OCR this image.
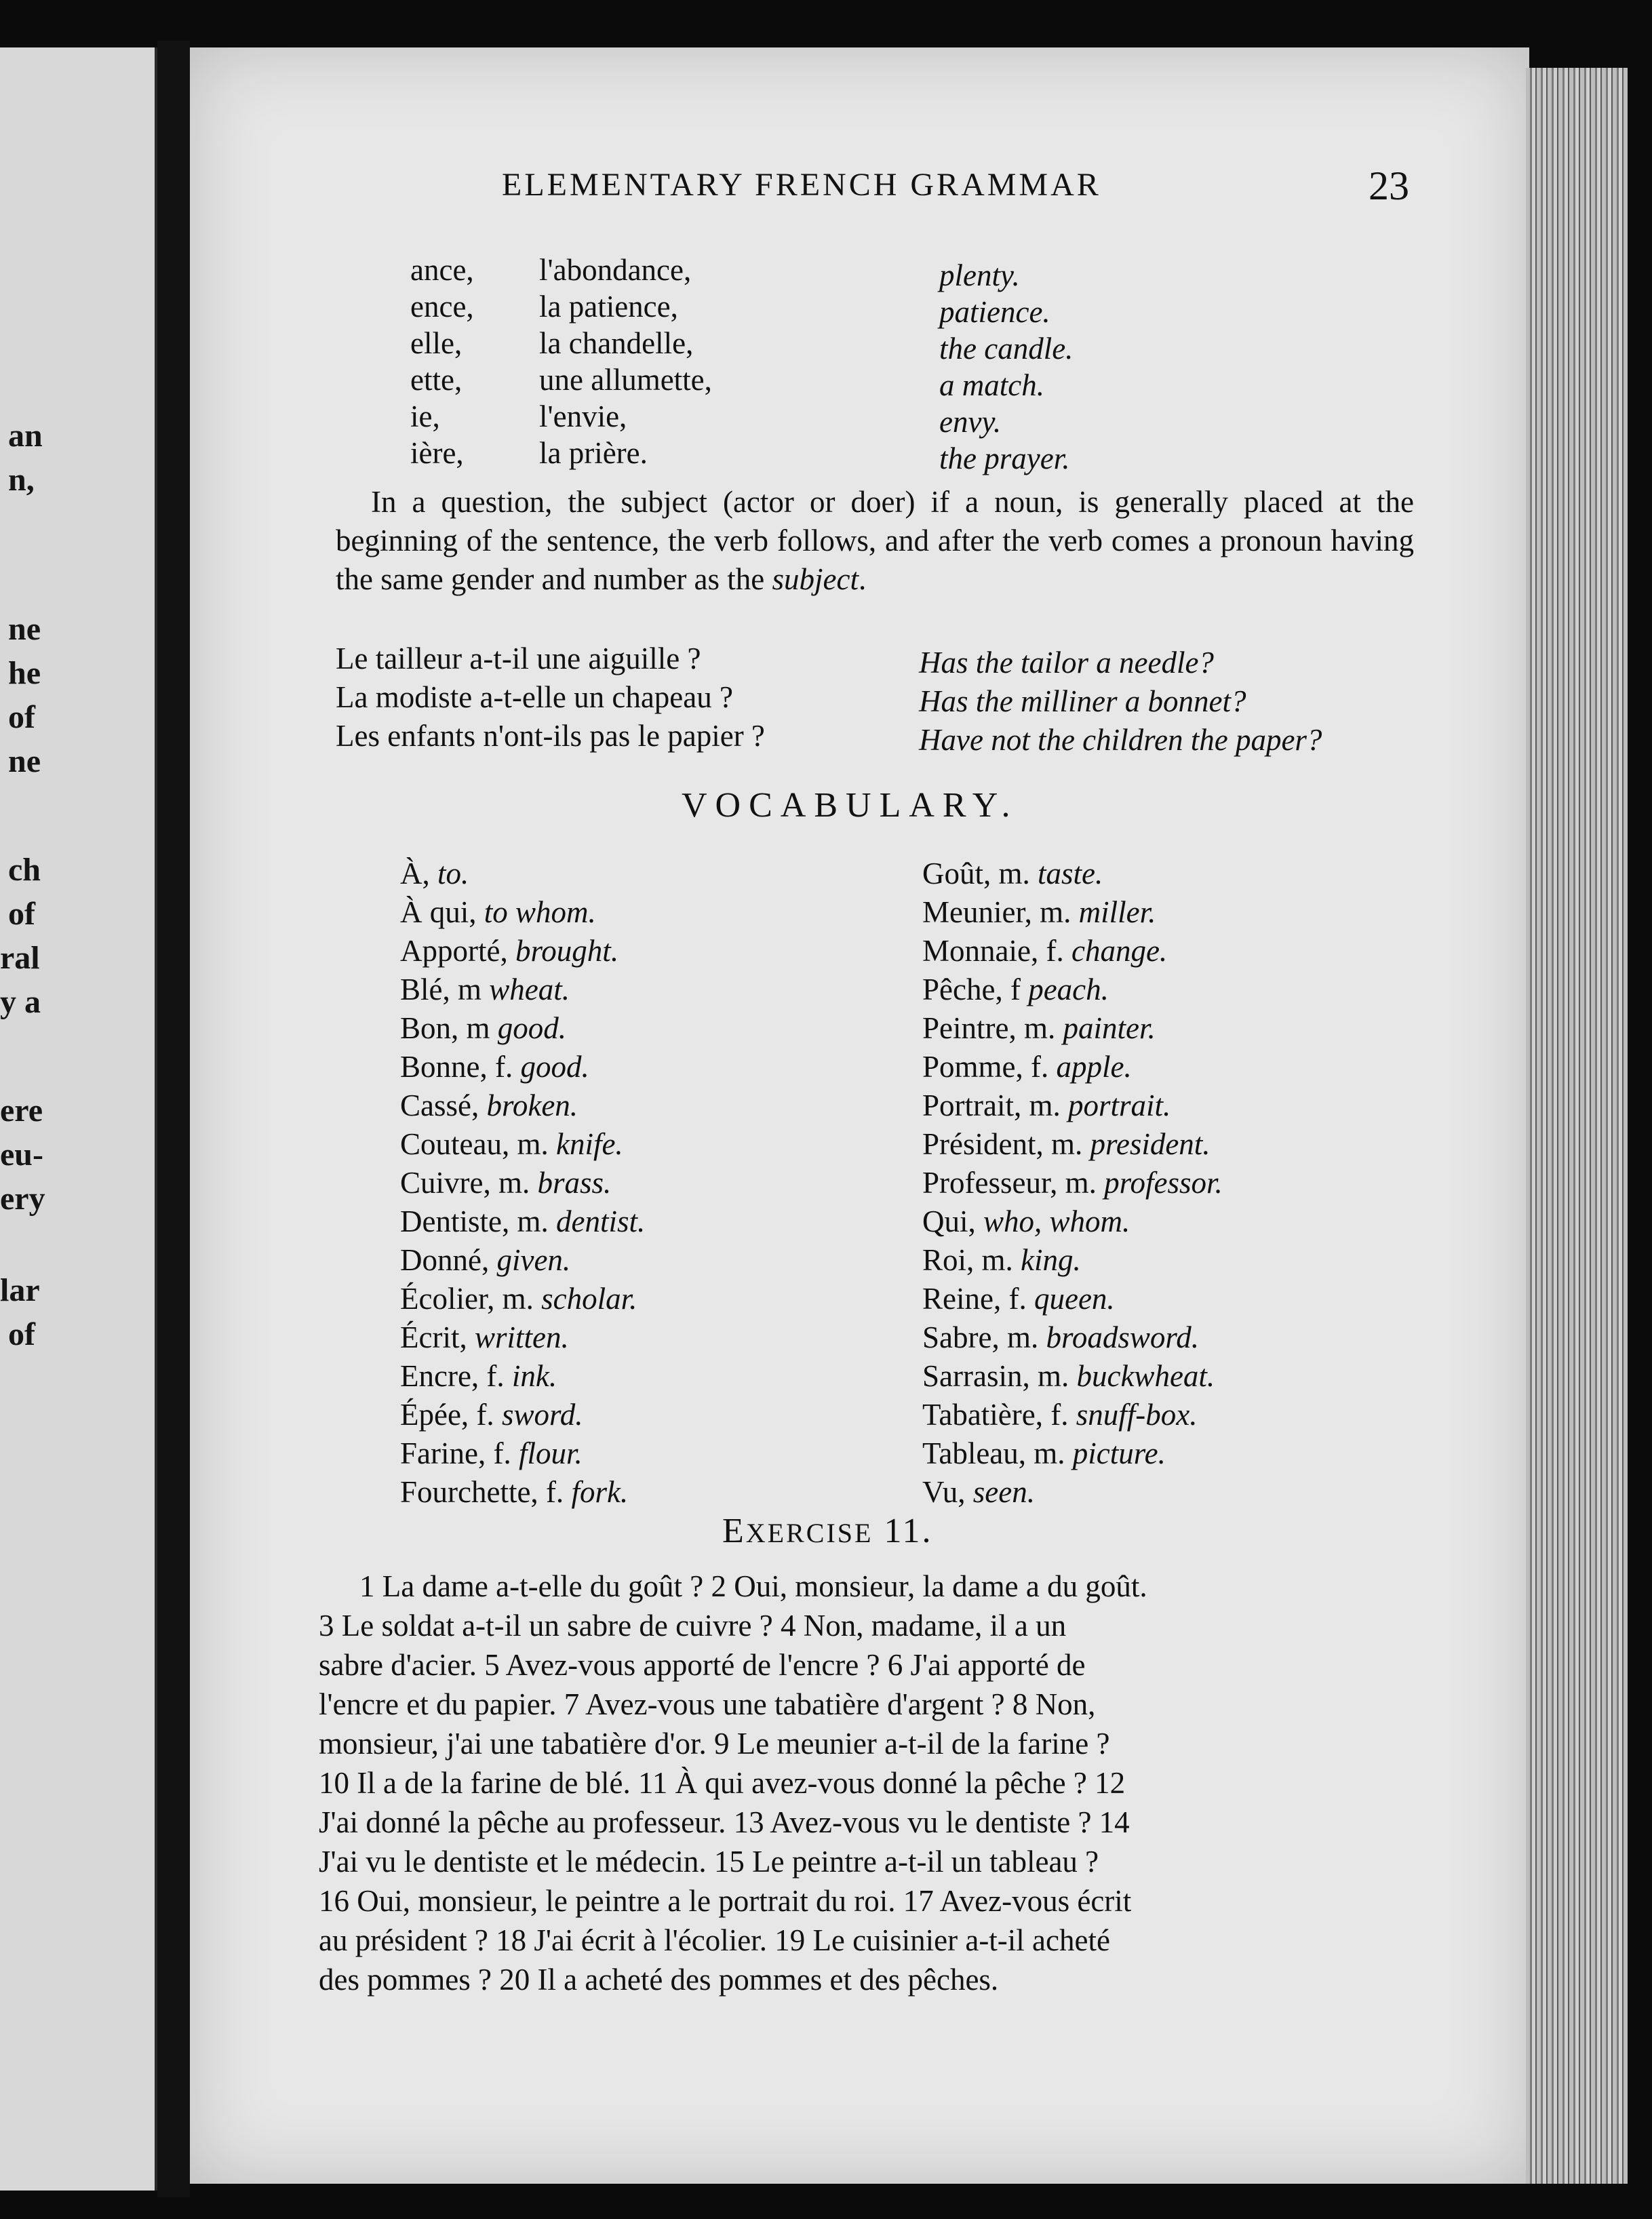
an
n,
ne
he
of
ne
ch
of
ral
y a
ere
eu-
ery
lar
of
ELEMENTARY FRENCH GRAMMAR	23
ance, l'abondance,	plenty.
ence, la patience,	patience.
elle,	la chandelle,	the candle.
ette,	une allumette,	a match.
ie,	l'envie,	envy.
ière, la prière.	the prayer.
In a question, the subject (actor or doer) if a noun, is generally placed at the beginning of the sentence, the verb follows, and after the verb comes a pronoun having the same gender and number as the subject.
Le tailleur a-t-il une aiguille ?	Has the tailor a needle?
La modiste a-t-elle un chapeau ?	Has the milliner a bonnet?
Les enfants n'ont-ils pas le papier ?	Have not the children the paper?
VOCABULARY.
À, to.
À qui, to whom.
Apporté, brought.
Blé, m wheat.
Bon, m good.
Bonne, f. good.
Cassé, broken.
Couteau, m. knife.
Cuivre, m. brass.
Dentiste, m. dentist.
Donné, given.
Écolier, m. scholar.
Écrit, written.
Encre, f. ink.
Épée, f. sword.
Farine, f. flour.
Fourchette, f. fork.
Goût, m. taste.
Meunier, m. miller.
Monnaie, f. change.
Pêche, f peach.
Peintre, m. painter.
Pomme, f. apple.
Portrait, m. portrait.
Président, m. president.
Professeur, m. professor.
Qui, who, whom.
Roi, m. king.
Reine, f. queen.
Sabre, m. broadsword.
Sarrasin, m. buckwheat.
Tabatière, f. snuff-box.
Tableau, m. picture.
Vu, seen.
EXERCISE 11.
1 La dame a-t-elle du goût ? 2 Oui, monsieur, la dame a du goût.
3 Le soldat a-t-il un sabre de cuivre ? 4 Non, madame, il a un
sabre d'acier. 5 Avez-vous apporté de l'encre ? 6 J'ai apporté de
l'encre et du papier. 7 Avez-vous une tabatière d'argent ? 8 Non,
monsieur, j'ai une tabatière d'or. 9 Le meunier a-t-il de la farine ?
10 Il a de la farine de blé. 11 À qui avez-vous donné la pêche ? 12
J'ai donné la pêche au professeur. 13 Avez-vous vu le dentiste ? 14
J'ai vu le dentiste et le médecin. 15 Le peintre a-t-il un tableau ?
16 Oui, monsieur, le peintre a le portrait du roi. 17 Avez-vous écrit
au président ? 18 J'ai écrit à l'écolier. 19 Le cuisinier a-t-il acheté
des pommes ? 20 Il a acheté des pommes et des pêches.
